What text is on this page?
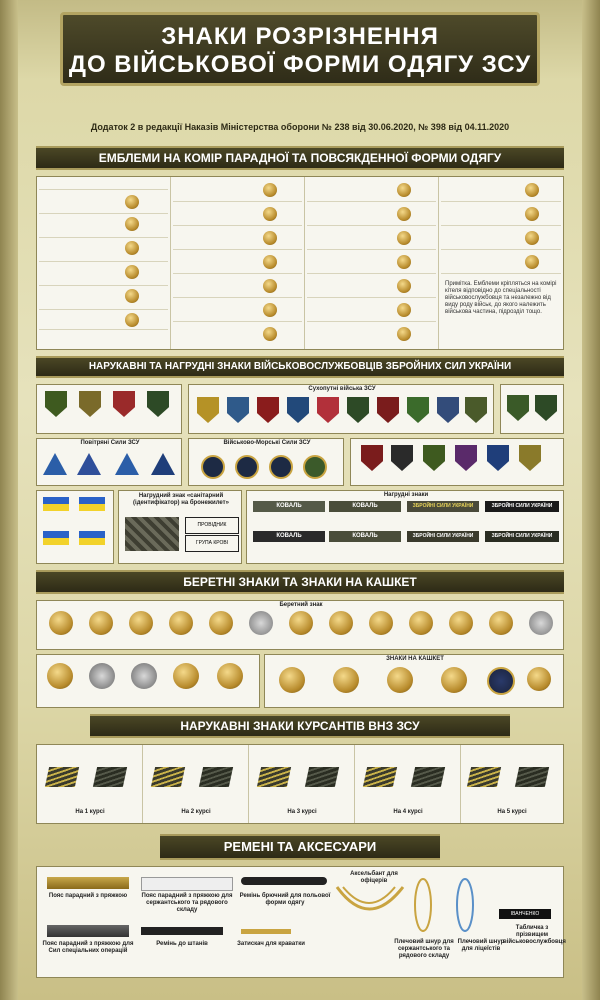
ЗНАКИ РОЗРІЗНЕННЯ
ДО ВІЙСЬКОВОЇ ФОРМИ ОДЯГУ ЗСУ
Додаток 2 в редакції Наказів Міністерства оборони № 238 від 30.06.2020, № 398 від 04.11.2020
ЕМБЛЕМИ НА КОМІР ПАРАДНОЇ ТА ПОВСЯКДЕННОЇ ФОРМИ ОДЯГУ
Примітка. Емблеми кріпляться на комірі кітеля відповідно до спеціальності військовослужбовця та незалежно від виду роду військ, до якого належить військова частина, підрозділ тощо.
НАРУКАВНІ ТА НАГРУДНІ ЗНАКИ ВІЙСЬКОВОСЛУЖБОВЦІВ ЗБРОЙНИХ СИЛ УКРАЇНИ
Сухопутні війська ЗСУ
Повітряні Сили ЗСУ	Військово-Морські Сили ЗСУ
Нагрудний знак «санітарний (ідентифікатор) на бронежилет»
ПРОВІДНИК
ГРУПА КРОВІ
Нагрудні знаки
КОВАЛЬ	КОВАЛЬ	ЗБРОЙНІ СИЛИ УКРАЇНИ	ЗБРОЙНІ СИЛИ УКРАЇНИ
КОВАЛЬ	КОВАЛЬ	ЗБРОЙНІ СИЛИ УКРАЇНИ	ЗБРОЙНІ СИЛИ УКРАЇНИ
БЕРЕТНІ ЗНАКИ ТА ЗНАКИ НА КАШКЕТ
Беретний знак
ЗНАКИ НА КАШКЕТ
НАРУКАВНІ ЗНАКИ КУРСАНТІВ ВНЗ ЗСУ
На 1 курсі	На 2 курсі	На 3 курсі	На 4 курсі	На 5 курсі
РЕМЕНІ ТА АКСЕСУАРИ
Пояс парадний з пряжкою	Пояс парадний з пряжкою для сержантського та рядового складу
Ремінь брючний для польової форми одягу
Аксельбант для офіцерів
ІВАНЧЕНКО
Пояс парадний з пряжкою для Сил спеціальних операцій
Ремінь до штанів	Затискач для краватки	Плечовий шнур для сержантського та рядового складу
Плечовий шнур для ліцеїстів
Табличка з прізвищем військовослужбовця
